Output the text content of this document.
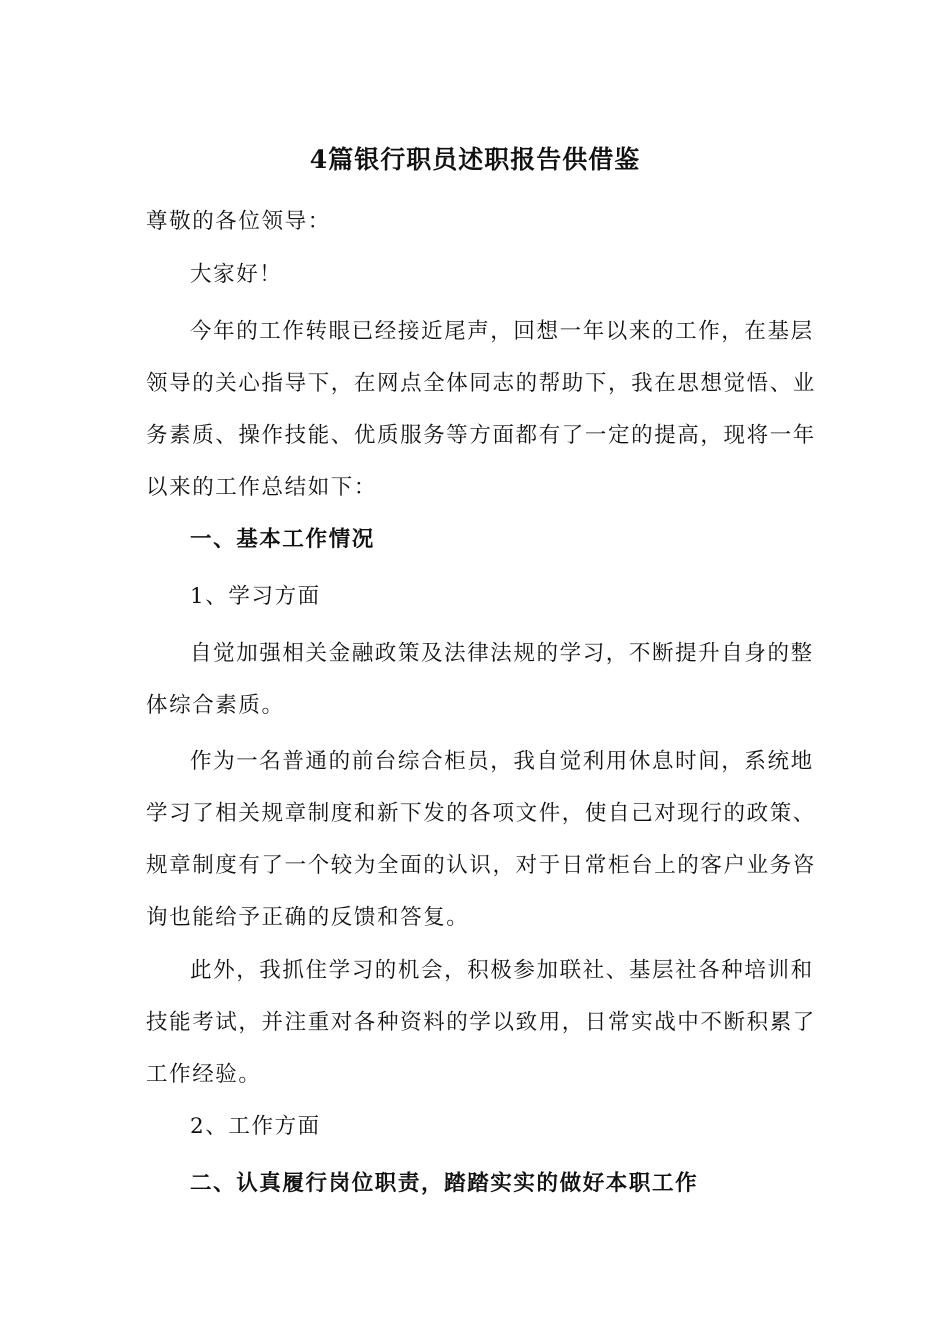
4篇银行职员述职报告供借鉴
尊敬的各位领导：
大家好！
今年的工作转眼已经接近尾声，回想一年以来的工作，在基层
领导的关心指导下，在网点全体同志的帮助下，我在思想觉悟、业
务素质、操作技能、优质服务等方面都有了一定的提高，现将一年
以来的工作总结如下：
一、基本工作情况
1、学习方面
自觉加强相关金融政策及法律法规的学习，不断提升自身的整
体综合素质。
作为一名普通的前台综合柜员，我自觉利用休息时间，系统地
学习了相关规章制度和新下发的各项文件，使自己对现行的政策、
规章制度有了一个较为全面的认识，对于日常柜台上的客户业务咨
询也能给予正确的反馈和答复。
此外，我抓住学习的机会，积极参加联社、基层社各种培训和
技能考试，并注重对各种资料的学以致用，日常实战中不断积累了
工作经验。
2、工作方面
二、认真履行岗位职责，踏踏实实的做好本职工作
